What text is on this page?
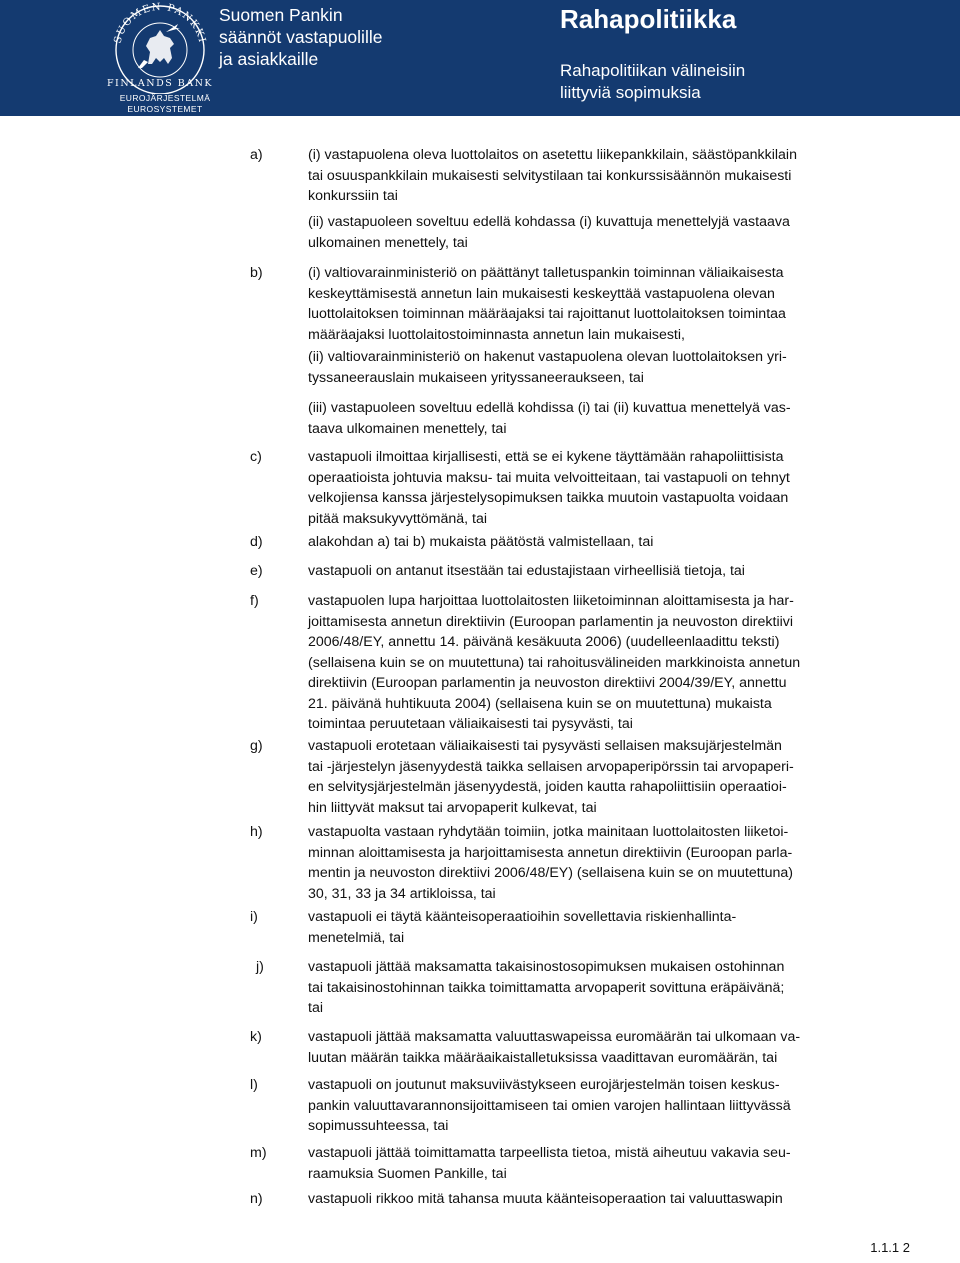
SUOMEN PANKKI
FINLANDS BANK
EUROJÄRJESTELMÄ
EUROSYSTEMET
Suomen Pankin
säännöt vastapuolille
ja asiakkaille
Rahapolitiikka
Rahapolitiikan välineisiin
liittyviä sopimuksia
a)	(i) vastapuolena oleva luottolaitos on asetettu liikepankkilain, säästöpankkilain

tai osuuspankkilain mukaisesti selvitystilaan tai konkurssisäännön mukaisesti

konkurssiin tai

(ii) vastapuoleen soveltuu edellä kohdassa (i) kuvattuja menettelyjä vastaava

ulkomainen menettely, tai

b)	(i) valtiovarainministeriö on päättänyt talletuspankin toiminnan väliaikaisesta

keskeyttämisestä annetun lain mukaisesti keskeyttää vastapuolena olevan

luottolaitoksen toiminnan määräajaksi tai rajoittanut luottolaitoksen toimintaa

määräajaksi luottolaitostoiminnasta annetun lain mukaisesti,

(ii) valtiovarainministeriö on hakenut vastapuolena olevan luottolaitoksen yri-

tyssaneerauslain mukaiseen yrityssaneeraukseen, tai

(iii) vastapuoleen soveltuu edellä kohdissa (i) tai (ii) kuvattua menettelyä vas-

taava ulkomainen menettely, tai

c)	vastapuoli ilmoittaa kirjallisesti, että se ei kykene täyttämään rahapoliittisista

operaatioista johtuvia maksu- tai muita velvoitteitaan, tai vastapuoli on tehnyt

velkojiensa kanssa järjestelysopimuksen taikka muutoin vastapuolta voidaan

pitää maksukyvyttömänä, tai

d)	alakohdan a) tai b) mukaista päätöstä valmistellaan, tai

e)	vastapuoli on antanut itsestään tai edustajistaan virheellisiä tietoja, tai

f)	vastapuolen lupa harjoittaa luottolaitosten liiketoiminnan aloittamisesta ja har-

joittamisesta annetun direktiivin (Euroopan parlamentin ja neuvoston direktiivi

2006/48/EY, annettu 14. päivänä kesäkuuta 2006) (uudelleenlaadittu teksti)

(sellaisena kuin se on muutettuna) tai rahoitusvälineiden markkinoista annetun

direktiivin (Euroopan parlamentin ja neuvoston direktiivi 2004/39/EY, annettu

21. päivänä huhtikuuta 2004) (sellaisena kuin se on muutettuna) mukaista

toimintaa peruutetaan väliaikaisesti tai pysyvästi, tai

g)	vastapuoli erotetaan väliaikaisesti tai pysyvästi sellaisen maksujärjestelmän

tai -järjestelyn jäsenyydestä taikka sellaisen arvopaperipörssin tai arvopaperi-

en selvitysjärjestelmän jäsenyydestä, joiden kautta rahapoliittisiin operaatioi-

hin liittyvät maksut tai arvopaperit kulkevat, tai

h)	vastapuolta vastaan ryhdytään toimiin, jotka mainitaan luottolaitosten liiketoi-

minnan aloittamisesta ja harjoittamisesta annetun direktiivin (Euroopan parla-

mentin ja neuvoston direktiivi 2006/48/EY) (sellaisena kuin se on muutettuna)

30, 31, 33 ja 34 artikloissa, tai

i)	vastapuoli ei täytä käänteisoperaatioihin sovellettavia riskienhallinta-

menetelmiä, tai

j)	vastapuoli jättää maksamatta takaisinostosopimuksen mukaisen ostohinnan

tai takaisinostohinnan taikka toimittamatta arvopaperit sovittuna eräpäivänä;

tai

k)	vastapuoli jättää maksamatta valuuttaswapeissa euromäärän tai ulkomaan va-

luutan määrän taikka määräaikaistalletuksissa vaadittavan euromäärän, tai

l)	vastapuoli on joutunut maksuviivästykseen eurojärjestelmän toisen keskus-

pankin valuuttavarannonsijoittamiseen tai omien varojen hallintaan liittyvässä

sopimussuhteessa, tai

m)	vastapuoli jättää toimittamatta tarpeellista tietoa, mistä aiheutuu vakavia seu-

raamuksia Suomen Pankille, tai

n)	vastapuoli rikkoo mitä tahansa muuta käänteisoperaation tai valuuttaswapin

1.1.1 2
